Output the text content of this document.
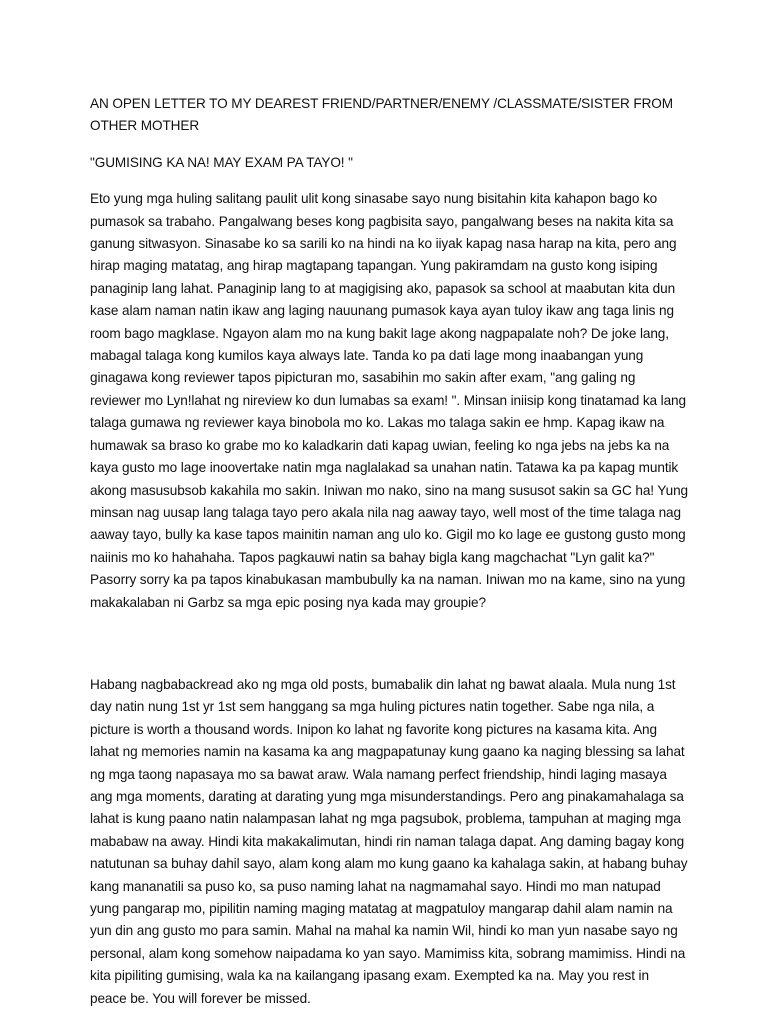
AN OPEN LETTER TO MY DEAREST FRIEND/PARTNER/ENEMY /CLASSMATE/SISTER FROM OTHER MOTHER

"GUMISING KA NA! MAY EXAM PA TAYO! "

Eto yung mga huling salitang paulit ulit kong sinasabe sayo nung bisitahin kita kahapon bago ko pumasok sa trabaho. Pangalwang beses kong pagbisita sayo, pangalwang beses na nakita kita sa ganung sitwasyon. Sinasabe ko sa sarili ko na hindi na ko iiyak kapag nasa harap na kita, pero ang hirap maging matatag, ang hirap magtapang tapangan. Yung pakiramdam na gusto kong isiping panaginip lang lahat. Panaginip lang to at magigising ako, papasok sa school at maabutan kita dun kase alam naman natin ikaw ang laging nauunang pumasok kaya ayan tuloy ikaw ang taga linis ng room bago magklase. Ngayon alam mo na kung bakit lage akong nagpapalate noh? De joke lang, mabagal talaga kong kumilos kaya always late. Tanda ko pa dati lage mong inaabangan yung ginagawa kong reviewer tapos pipicturan mo, sasabihin mo sakin after exam, "ang galing ng reviewer mo Lyn!lahat ng nireview ko dun lumabas sa exam! ". Minsan iniisip kong tinatamad ka lang talaga gumawa ng reviewer kaya binobola mo ko. Lakas mo talaga sakin ee hmp. Kapag ikaw na humawak sa braso ko grabe mo ko kaladkarin dati kapag uwian, feeling ko nga jebs na jebs ka na kaya gusto mo lage inoovertake natin mga naglalakad sa unahan natin. Tatawa ka pa kapag muntik akong masusubsob kakahila mo sakin. Iniwan mo nako, sino na mang sususot sakin sa GC ha! Yung minsan nag uusap lang talaga tayo pero akala nila nag aaway tayo, well most of the time talaga nag aaway tayo, bully ka kase tapos mainitin naman ang ulo ko. Gigil mo ko lage ee gustong gusto mong naiinis mo ko hahahaha. Tapos pagkauwi natin sa bahay bigla kang magchachat "Lyn galit ka?" Pasorry sorry ka pa tapos kinabukasan mambubully ka na naman. Iniwan mo na kame, sino na yung makakalaban ni Garbz sa mga epic posing nya kada may groupie?

Habang nagbabackread ako ng mga old posts, bumabalik din lahat ng bawat alaala. Mula nung 1st day natin nung 1st yr 1st sem hanggang sa mga huling pictures natin together. Sabe nga nila, a picture is worth a thousand words. Inipon ko lahat ng favorite kong pictures na kasama kita. Ang lahat ng memories namin na kasama ka ang magpapatunay kung gaano ka naging blessing sa lahat ng mga taong napasaya mo sa bawat araw. Wala namang perfect friendship, hindi laging masaya ang mga moments, darating at darating yung mga misunderstandings. Pero ang pinakamahalaga sa lahat is kung paano natin nalampasan lahat ng mga pagsubok, problema, tampuhan at maging mga mababaw na away. Hindi kita makakalimutan, hindi rin naman talaga dapat. Ang daming bagay kong natutunan sa buhay dahil sayo, alam kong alam mo kung gaano ka kahalaga sakin, at habang buhay kang mananatili sa puso ko, sa puso naming lahat na nagmamahal sayo. Hindi mo man natupad yung pangarap mo, pipilitin naming maging matatag at magpatuloy mangarap dahil alam namin na yun din ang gusto mo para samin. Mahal na mahal ka namin Wil, hindi ko man yun nasabe sayo ng personal, alam kong somehow naipadama ko yan sayo. Mamimiss kita, sobrang mamimiss. Hindi na kita pipiliting gumising, wala ka na kailangang ipasang exam. Exempted ka na. May you rest in peace be. You will forever be missed.
